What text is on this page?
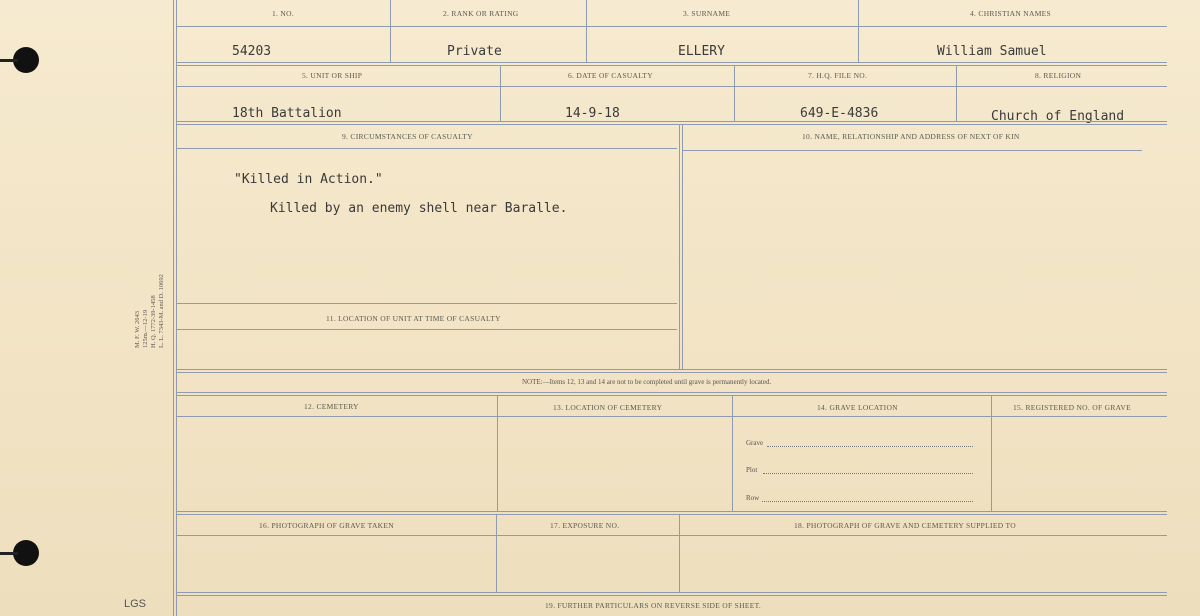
M. F. W. 2643 125m.—12-19 H. Q. 1772-39-1458 L. L. 7343-M. and D. 10692
1. NO.	2. RANK OR RATING	3. SURNAME	4. CHRISTIAN NAMES
54203	Private	ELLERY	William Samuel
5. UNIT OR SHIP	6. DATE OF CASUALTY	7. H.Q. FILE NO.	8. RELIGION
18th Battalion	14-9-18	649-E-4836	Church of England
9. CIRCUMSTANCES OF CASUALTY	10. NAME, RELATIONSHIP AND ADDRESS OF NEXT OF KIN
"Killed in Action."
Killed by an enemy shell near Baralle.
11. LOCATION OF UNIT AT TIME OF CASUALTY
NOTE:—Items 12, 13 and 14 are not to be completed until grave is permanently located.
12. CEMETERY	13. LOCATION OF CEMETERY	14. GRAVE LOCATION	15. REGISTERED NO. OF GRAVE
Grave
Plot
Row
16. PHOTOGRAPH OF GRAVE TAKEN	17. EXPOSURE NO.	18. PHOTOGRAPH OF GRAVE AND CEMETERY SUPPLIED TO
19. FURTHER PARTICULARS ON REVERSE SIDE OF SHEET.
LGS
